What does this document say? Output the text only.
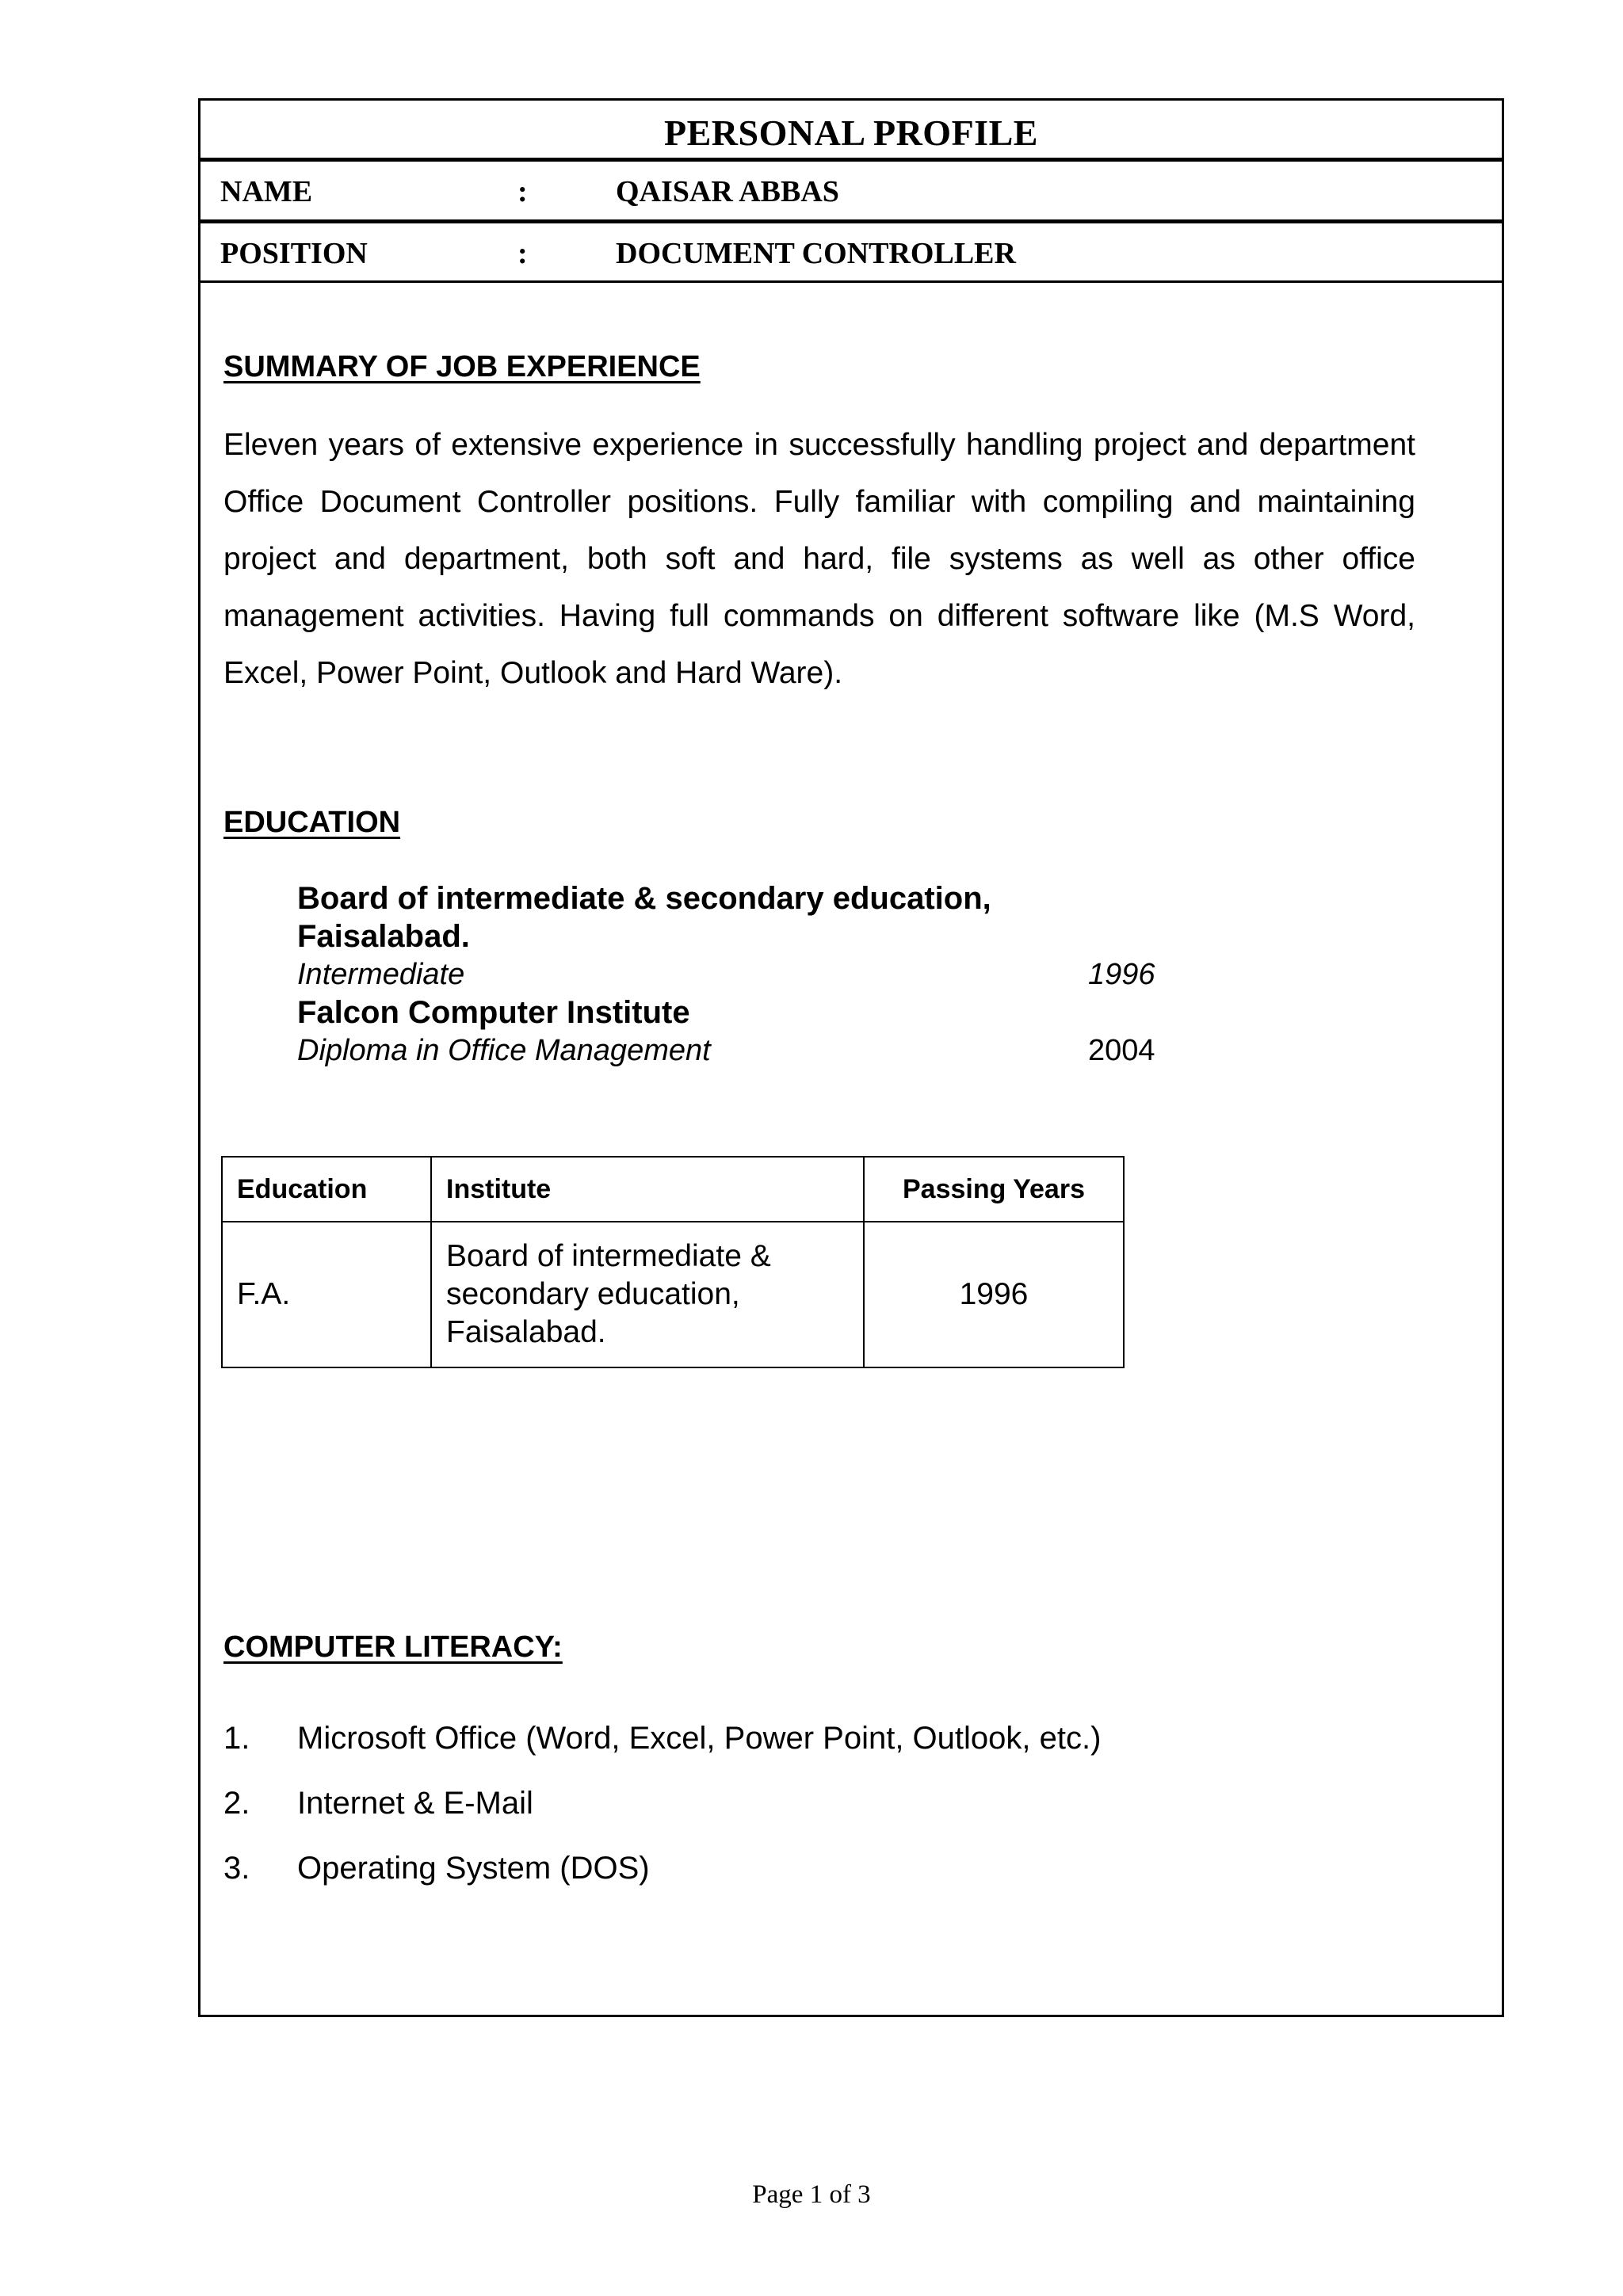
PERSONAL PROFILE
NAME	:	QAISAR ABBAS
POSITION	:	DOCUMENT CONTROLLER
SUMMARY OF JOB EXPERIENCE
Eleven years of extensive experience in successfully handling project and department Office Document Controller positions. Fully familiar with compiling and maintaining project and department, both soft and hard, file systems as well as other office management activities. Having full commands on different software like (M.S Word, Excel, Power Point, Outlook and Hard Ware).
EDUCATION
Board of intermediate & secondary education, Faisalabad.
Intermediate	1996
Falcon Computer Institute
Diploma in Office Management	2004
Education	Institute	Passing Years
F.A.	Board of intermediate & secondary education, Faisalabad.	1996
COMPUTER LITERACY:
1. Microsoft Office (Word, Excel, Power Point, Outlook, etc.)
2. Internet & E-Mail
3. Operating System (DOS)
Page 1 of 3
